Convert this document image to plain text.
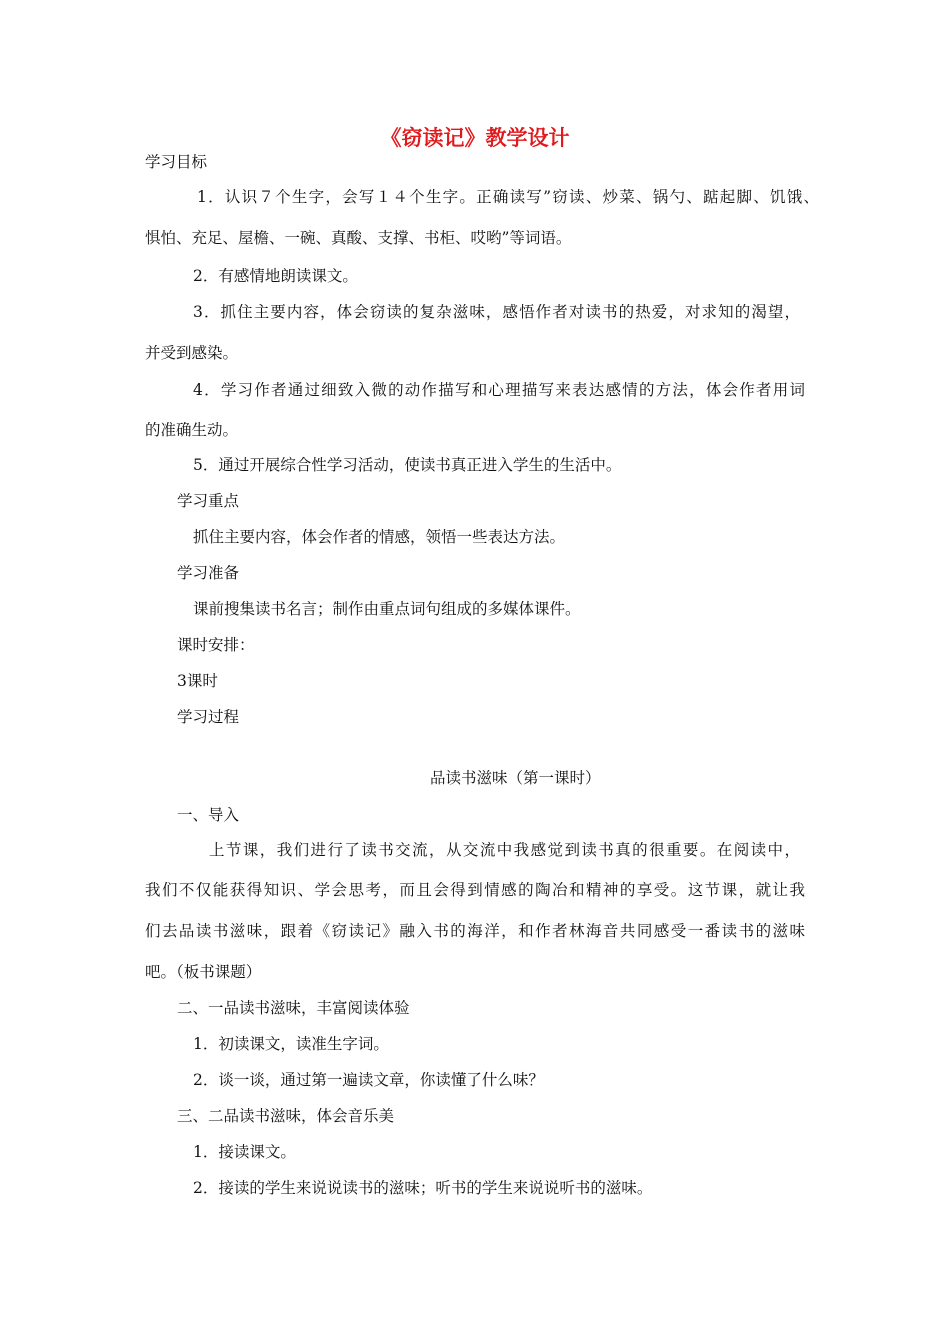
《窃读记》教学设计
学习目标
1．认识７个生字，会写１４个生字。正确读写”窃读、炒菜、锅勺、踮起脚、饥饿、
惧怕、充足、屋檐、一碗、真酸、支撑、书柜、哎哟”等词语。
2．有感情地朗读课文。
3．抓住主要内容，体会窃读的复杂滋味，感悟作者对读书的热爱，对求知的渴望，
并受到感染。
4．学习作者通过细致入微的动作描写和心理描写来表达感情的方法，体会作者用词
的准确生动。
5．通过开展综合性学习活动，使读书真正进入学生的生活中。
学习重点
抓住主要内容，体会作者的情感，领悟一些表达方法。
学习准备
课前搜集读书名言；制作由重点词句组成的多媒体课件。
课时安排：
3课时
学习过程
品读书滋味（第一课时）
一、导入
上节课，我们进行了读书交流，从交流中我感觉到读书真的很重要。在阅读中，
我们不仅能获得知识、学会思考，而且会得到情感的陶冶和精神的享受。这节课，就让我
们去品读书滋味，跟着《窃读记》融入书的海洋，和作者林海音共同感受一番读书的滋味
吧。（板书课题）
二、一品读书滋味，丰富阅读体验
1．初读课文，读准生字词。
2．谈一谈，通过第一遍读文章，你读懂了什么味？
三、二品读书滋味，体会音乐美
1．接读课文。
2．接读的学生来说说读书的滋味；听书的学生来说说听书的滋味。
